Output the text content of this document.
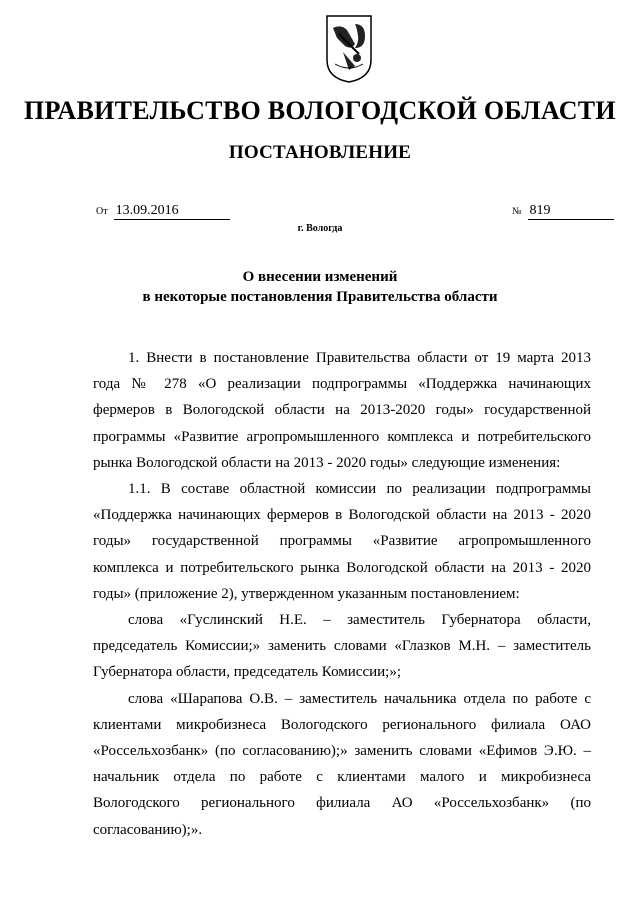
ПРАВИТЕЛЬСТВО ВОЛОГОДСКОЙ ОБЛАСТИ
ПОСТАНОВЛЕНИЕ
От 13.09.2016	№ 819
г. Вологда
О внесении изменений
в некоторые постановления Правительства области

1. Внести в постановление Правительства области от 19 марта 2013 года № 278 «О реализации подпрограммы «Поддержка начинающих фермеров в Вологодской области на 2013-2020 годы» государственной программы «Развитие агропромышленного комплекса и потребительского рынка Вологодской области на 2013 - 2020 годы» следующие изменения:

1.1. В составе областной комиссии по реализации подпрограммы «Поддержка начинающих фермеров в Вологодской области на 2013 - 2020 годы» государственной программы «Развитие агропромышленного комплекса и потребительского рынка Вологодской области на 2013 - 2020 годы» (приложение 2), утвержденном указанным постановлением:

слова «Гуслинский Н.Е. – заместитель Губернатора области, председатель Комиссии;» заменить словами «Глазков М.Н. – заместитель Губернатора области, председатель Комиссии;»;

слова «Шарапова О.В. – заместитель начальника отдела по работе с клиентами микробизнеса Вологодского регионального филиала ОАО «Россельхозбанк» (по согласованию);» заменить словами «Ефимов Э.Ю. – начальник отдела по работе с клиентами малого и микробизнеса Вологодского регионального филиала АО «Россельхозбанк» (по согласованию);».
